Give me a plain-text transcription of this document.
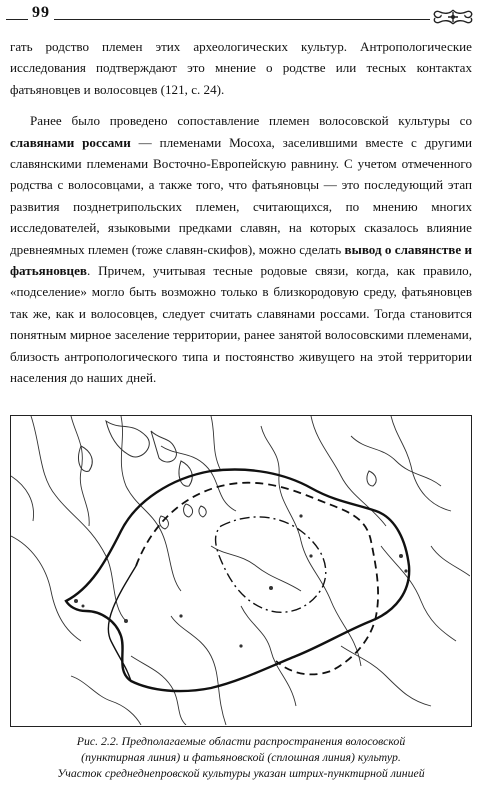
99

гать родство племен этих археологических культур. Антропологические исследования подтверждают это мнение о родстве или тесных контактах фатьяновцев и волосовцев (121, с. 24).

Ранее было проведено сопоставление племен волосовской культуры со славянами россами — племенами Мосоха, заселившими вместе с другими славянскими племенами Восточно-Европейскую равнину. С учетом отмеченного родства с волосовцами, а также того, что фатьяновцы — это последующий этап развития позднетрипольских племен, считающихся, по мнению многих исследователей, языковыми предками славян, на которых сказалось влияние древнеямных племен (тоже славян-скифов), можно сделать вывод о славянстве и фатьяновцев. Причем, учитывая тесные родовые связи, когда, как правило, «подселение» могло быть возможно только в близкородовую среду, фатьяновцев так же, как и волосовцев, следует считать славянами россами. Тогда становится понятным мирное заселение территории, ранее занятой волосовскими племенами, близость антропологического типа и постоянство живущего на этой территории населения до наших дней.

Рис. 2.2. Предполагаемые области распространения волосовской
(пунктирная линия) и фатьяновской (сплошная линия) культур.
Участок среднеднепровской культуры указан штрих-пунктирной линией
